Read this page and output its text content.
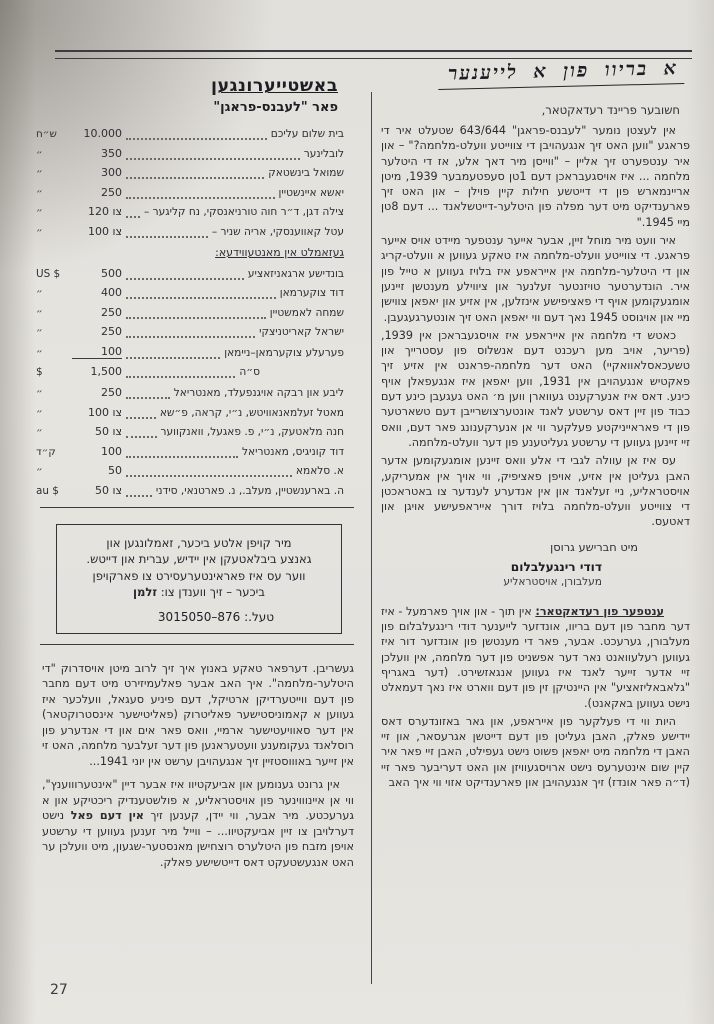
באשטייערונגען
פאר "לעבנס-פראגן"
בית שלום עליכם
10.000
ש״ח
לובלינער
350
״
שמואל בינשטאק
300
״
יאשא איינשטיין
250
״
צילה דגן, ד״ר חוה טורניאנסקי, נח קליגער –
צו 120
״
עטל קאווענסקי, אריה שניר –
צו 100
״
געזאמלט אין מאנטעווידעא:
בונדישע ארגאניזאציע
500
US $
דוד צוקערמאן
400
״
שמחה לאמשטיין
250
״
ישראל קאריטניצקי
250
״
פערעלע צוקערמאן–ניימאן
100
״
ס״ה
1,500
$
ליבע און רבקה אויגנפעלד, מאנטריאל
250
״
מאטל זעלמאנאוויטש, נ״י, קראה, פ״שא
צו 100
״
חנה מלאטעק, נ״י, פ. פאגעל, וואנקווער
צו 50
״
דוד קוניגיס, מאנטריאל
100
ק״ד
א. סלאמא
50
״
ה. בארענשטיין, מעלב., נ. פארטנאי, סידני
צו 50
au $
מיר קויפן אלטע ביכער, זאמלונגען און
גאנצע ביבלאטעקן אין יידיש, עברית און דייטש.
ווער עס איז פאראינטערעסירט צו פארקויפן
ביכער – זיך ווענדן צו: זלמן
טעל.: 876–3015050

געשריבן. דערפאר טאקע באנוץ איך זיך לרוב מיטן אויסדרוק "די היטלער-מלחמה". איך האב אבער פאלעמיזירט מיט דעם מחבר פון דעם ווייטערדיקן ארטיקל, דעם פיניע סעגאל, וועלכער איז געווען א קאמוניסטישער פאליטרוק (פאליטישער אינסטרוקטאר) אין דער סאוויעטישער ארמיי, וואס פאר אים און די אנדערע פון רוסלאנד געקומענע וועטעראנען פון דער זעלבער מלחמה, האט זי אין זייער באוווסטזיין זיך אנגעהויבן ערשט אין יוני 1941...

אין גרונט גענומען און אביעקטיוו איז אבער דיין "אינטערוווענץ", ווי אן איינוווינער פון אויסטראליע, א פולשטענדיק ריכטיקע און א גערעכטע. מיר אבער, ווי יידן, קענען זיך אין דעם פאל נישט דערלויבן צו זיין אביעקטיוו... – ווייל מיר זענען געווען די ערשטע אויפן מזבח פון היטלערס רוצחישן מאנסטער-שגעון, מיט וועלכן ער האט אנגעשטעקט דאס דייטשישע פאלק.

א בריוו פון א לייענער
חשובער פריינד רעדאקטאר,

אין לעצטן נומער "לעבנס-פראגן" 643/644 שטעלט איר די פראגע "ווען האט זיך אנגעהויבן די צווייטע וועלט-מלחמה?" – און איר ענטפערט זיך אליין – "ווייסן מיר דאך אלע, אז די היטלער מלחמה ... איז אויסגעבראכן דעם 1טן סעפטעמבער 1939, מיטן אריינמארש פון די דייטשע חילות קיין פוילן – און האט זיך פארענדיקט מיט דער מפלה פון היטלער-דייטשלאנד ... דעם 8טן מיי 1945."

איר וועט מיר מוחל זיין, אבער אייער ענטפער מיידט אויס אייער פראגע. די צווייטע וועלט-מלחמה איז טאקע געווען א וועלט-קריג און די היטלער-מלחמה אין אייראפע איז בלויז געווען א טייל פון איר. הונדערטער טויזנטער זעלנער און ציווילע מענטשן זיינען אומגעקומען אויף די פאציפישע אינזלען, אין אזיע און יאפאן צווישן מיי און אויגוסט 1945 נאך דעם ווי יאפאן האט זיך אונטערגעגעבן.

כאטש די מלחמה אין אייראפע איז אויסגעבראכן אין 1939, (פריער, אויב מען רעכנט דעם אנשלוס פון עסטרייך און טשעכאסלאוואקיי) האט דער מלחמה-פראנט אין אזיע זיך פאקטיש אנגעהויבן אין 1931, ווען יאפאן איז אנגעפאלן אויף כינע. דאס איז אנערקענט געווארן ווען מ׳ האט געגעבן כינע דעם כבוד פון זיין דאס ערשטע לאנד אונטערצושרייבן דעם טשארטער פון די פאראייניקטע פעלקער ווי אן אנערקענונג פאר דעם, וואס זיי זיינען געווען די ערשטע געליטענע פון דער וועלט-מלחמה.

עס איז אן עוולה לגבי די אלע וואס זיינען אומגעקומען אדער האבן געליטן אין אזיע, אויפן פאציפיק, ווי אויך אין אמעריקע, אויסטראליע, ניי זעלאנד און אין אנדערע לענדער צו באטראכטן די צווייטע וועלט-מלחמה בלויז דורך אייראפעישע אויגן און דאטעס.

מיט חברישע גרוסן
דודי רינגעלבלום
מעלבורן, אויסטראליע

ענטפער פון רעדאקטאר: אין תוך - און אויך פארמעל - איז דער מחבר פון דעם בריוו, אונדזער לייענער דודי רינגעלבלום פון מעלבורן, גערעכט. אבער, פאר די מענטשן פון אונדזער דור איז געווען רעלעוואנט נאר דער אפשניט פון דער מלחמה, אין וועלכן זיי אדער זייער לאנד איז געווען אנגאזשירט. (דער באגריף "גלאבאליזאציע" אין היינטיקן זין פון דעם ווארט איז נאך דעמאלט נישט געווען באקאנט).

היות ווי די פעלקער פון אייראפע, און גאר באזונדערס דאס יידישע פאלק, האבן געליטן פון דעם דייטשן אגרעסאר, און זיי האבן די מלחמה מיט יאפאן פשוט נישט געפילט, האבן זיי פאר איר קיין שום אינטערעס נישט ארויסגעוויזן און האט דעריבער פאר זיי (ד״ה פאר אונדז) זיך אנגעהויבן און פארענדיקט אזוי ווי איך האב

27
